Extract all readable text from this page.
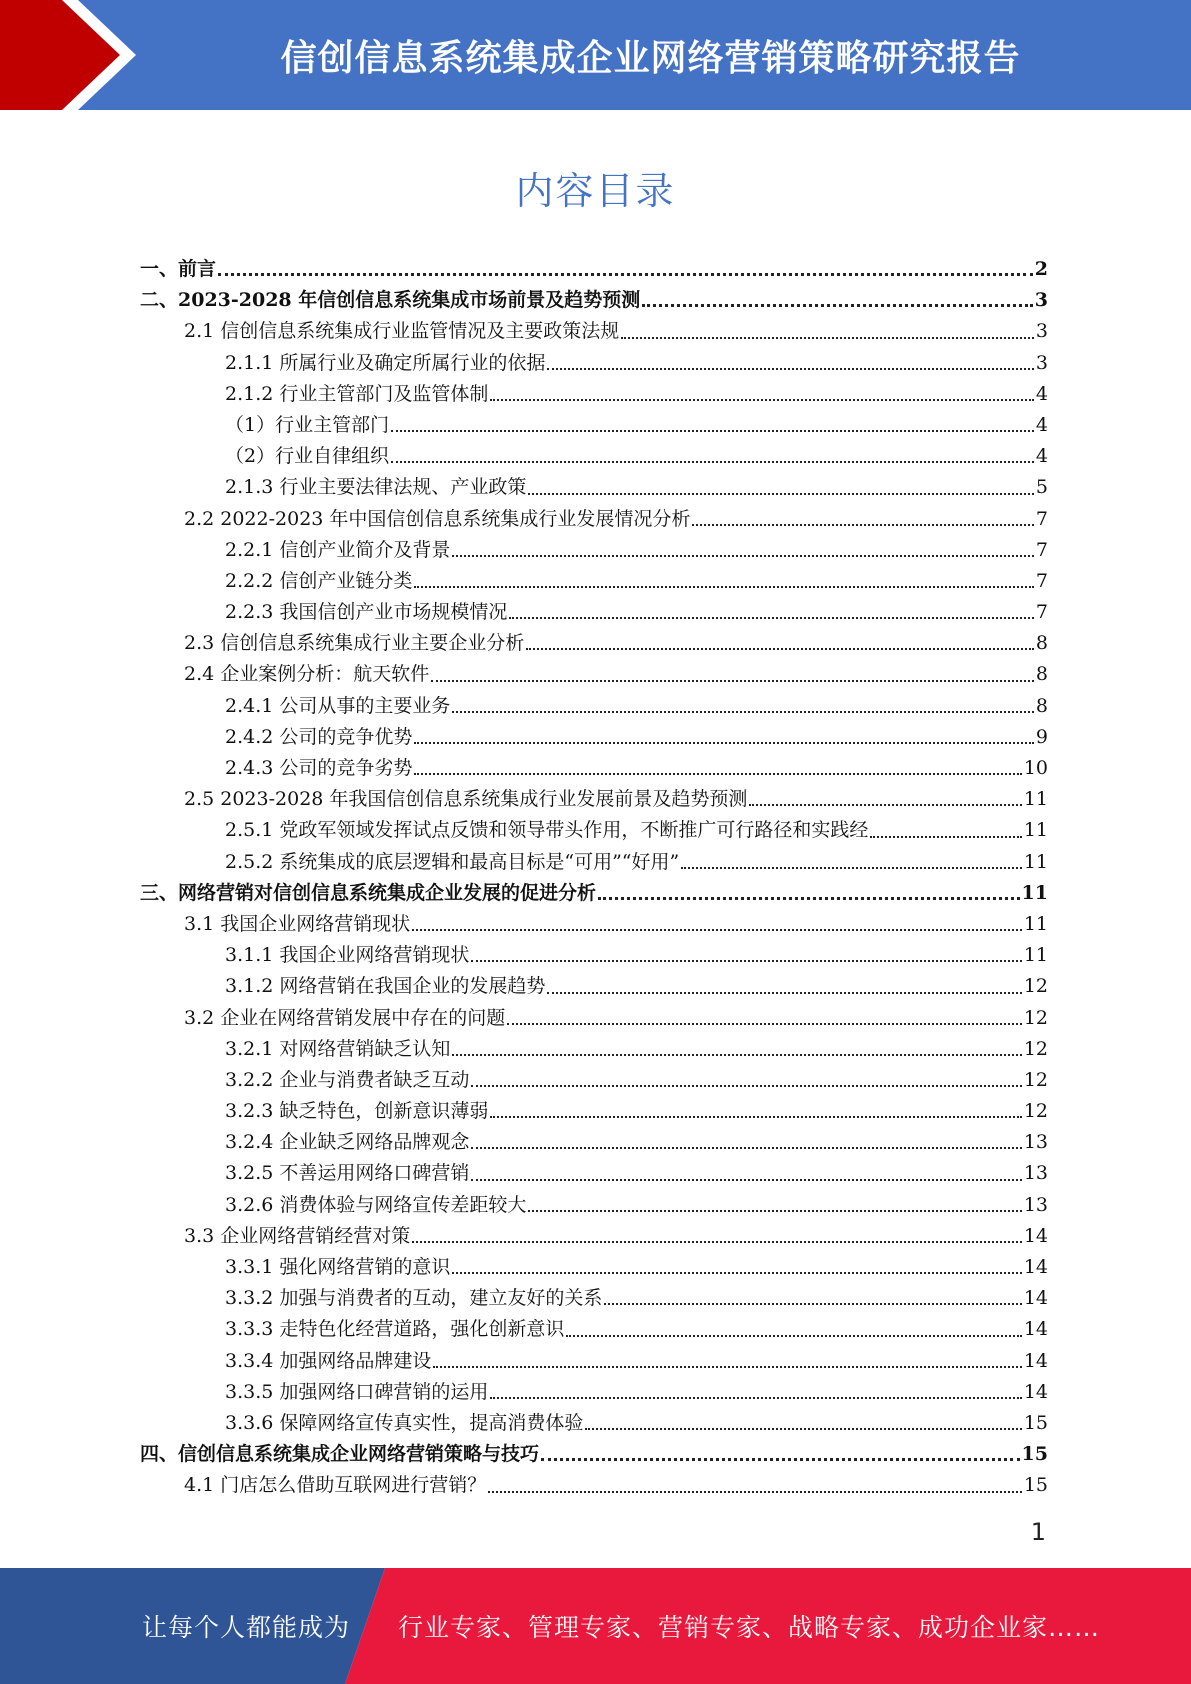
信创信息系统集成企业网络营销策略研究报告
内容目录
一、前言	2
二、2023-2028 年信创信息系统集成市场前景及趋势预测	3
2.1 信创信息系统集成行业监管情况及主要政策法规	3
2.1.1 所属行业及确定所属行业的依据	3
2.1.2 行业主管部门及监管体制	4
（1）行业主管部门	4
（2）行业自律组织	4
2.1.3 行业主要法律法规、产业政策	5
2.2 2022-2023 年中国信创信息系统集成行业发展情况分析	7
2.2.1 信创产业简介及背景	7
2.2.2 信创产业链分类	7
2.2.3 我国信创产业市场规模情况	7
2.3 信创信息系统集成行业主要企业分析	8
2.4 企业案例分析：航天软件	8
2.4.1 公司从事的主要业务	8
2.4.2 公司的竞争优势	9
2.4.3 公司的竞争劣势	10
2.5 2023-2028 年我国信创信息系统集成行业发展前景及趋势预测	11
2.5.1 党政军领域发挥试点反馈和领导带头作用，不断推广可行路径和实践经	11
2.5.2 系统集成的底层逻辑和最高目标是“可用”“好用”	11
三、网络营销对信创信息系统集成企业发展的促进分析	11
3.1 我国企业网络营销现状	11
3.1.1 我国企业网络营销现状	11
3.1.2 网络营销在我国企业的发展趋势	12
3.2 企业在网络营销发展中存在的问题	12
3.2.1 对网络营销缺乏认知	12
3.2.2 企业与消费者缺乏互动	12
3.2.3 缺乏特色，创新意识薄弱	12
3.2.4 企业缺乏网络品牌观念	13
3.2.5 不善运用网络口碑营销	13
3.2.6 消费体验与网络宣传差距较大	13
3.3 企业网络营销经营对策	14
3.3.1 强化网络营销的意识	14
3.3.2 加强与消费者的互动，建立友好的关系	14
3.3.3 走特色化经营道路，强化创新意识	14
3.3.4 加强网络品牌建设	14
3.3.5 加强网络口碑营销的运用	14
3.3.6 保障网络宣传真实性，提高消费体验	15
四、信创信息系统集成企业网络营销策略与技巧	15
4.1 门店怎么借助互联网进行营销？	15
1
让每个人都能成为 行业专家、管理专家、营销专家、战略专家、成功企业家……
